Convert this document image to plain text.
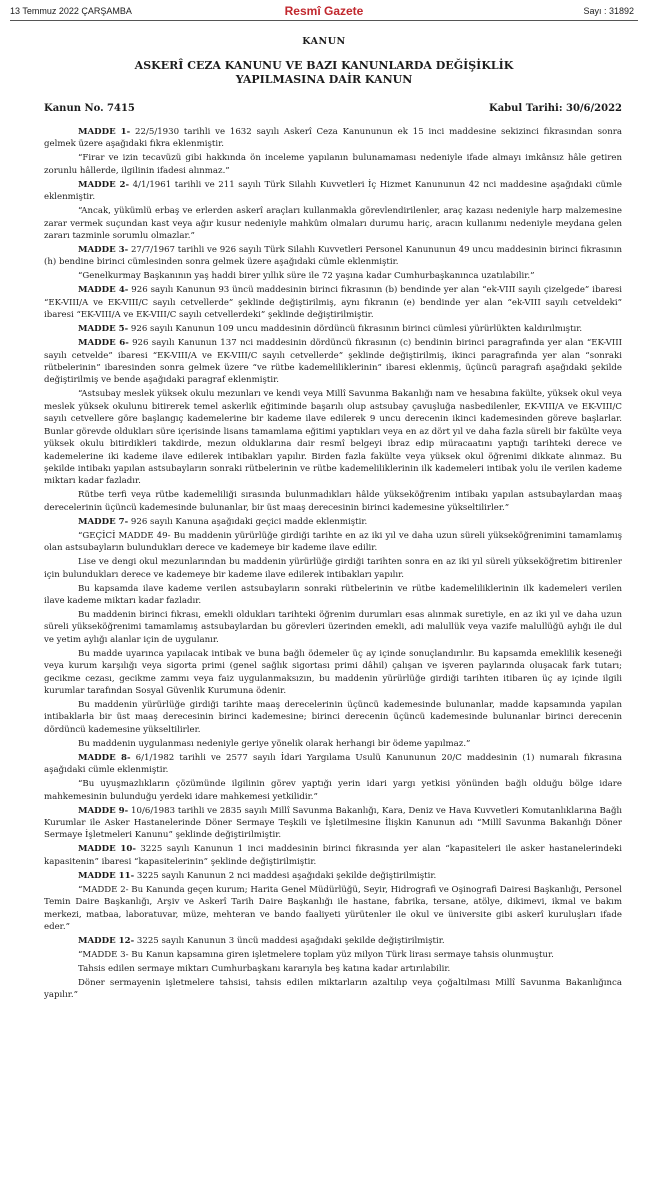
13 Temmuz 2022 ÇARŞAMBA	Resmî Gazete	Sayı : 31892
KANUN
ASKERÎ CEZA KANUNU VE BAZI KANUNLARDA DEĞİŞİKLİK
YAPILMASINA DAİR KANUN
Kanun No. 7415	Kabul Tarihi: 30/6/2022

MADDE 1- 22/5/1930 tarihli ve 1632 sayılı Askerî Ceza Kanununun ek 15 inci maddesine sekizinci fıkrasından sonra gelmek üzere aşağıdaki fıkra eklenmiştir.

“Firar ve izin tecavüzü gibi hakkında ön inceleme yapılanın bulunamaması nedeniyle ifade almayı imkânsız hâle getiren zorunlu hâllerde, ilgilinin ifadesi alınmaz.”

MADDE 2- 4/1/1961 tarihli ve 211 sayılı Türk Silahlı Kuvvetleri İç Hizmet Kanununun 42 nci maddesine aşağıdaki cümle eklenmiştir.

“Ancak, yükümlü erbaş ve erlerden askerî araçları kullanmakla görevlendirilenler, araç kazası nedeniyle harp malzemesine zarar vermek suçundan kast veya ağır kusur nedeniyle mahkûm olmaları durumu hariç, aracın kullanımı nedeniyle meydana gelen zararı tazminle sorumlu olmazlar.”

MADDE 3- 27/7/1967 tarihli ve 926 sayılı Türk Silahlı Kuvvetleri Personel Kanununun 49 uncu maddesinin birinci fıkrasının (h) bendine birinci cümlesinden sonra gelmek üzere aşağıdaki cümle eklenmiştir.

“Genelkurmay Başkanının yaş haddi birer yıllık süre ile 72 yaşına kadar Cumhurbaşkanınca uzatılabilir.”

MADDE 4- 926 sayılı Kanunun 93 üncü maddesinin birinci fıkrasının (b) bendinde yer alan “ek-VIII sayılı çizelgede” ibaresi “EK-VIII/A ve EK-VIII/C sayılı cetvellerde” şeklinde değiştirilmiş, aynı fıkranın (e) bendinde yer alan “ek-VIII sayılı cetveldeki” ibaresi “EK-VIII/A ve EK-VIII/C sayılı cetvellerdeki” şeklinde değiştirilmiştir.

MADDE 5- 926 sayılı Kanunun 109 uncu maddesinin dördüncü fıkrasının birinci cümlesi yürürlükten kaldırılmıştır.

MADDE 6- 926 sayılı Kanunun 137 nci maddesinin dördüncü fıkrasının (c) bendinin birinci paragrafında yer alan “EK-VIII sayılı cetvelde” ibaresi “EK-VIII/A ve EK-VIII/C sayılı cetvellerde” şeklinde değiştirilmiş, ikinci paragrafında yer alan “sonraki rütbelerinin” ibaresinden sonra gelmek üzere “ve rütbe kademeliliklerinin” ibaresi eklenmiş, üçüncü paragrafı aşağıdaki şekilde değiştirilmiş ve bende aşağıdaki paragraf eklenmiştir.

“Astsubay meslek yüksek okulu mezunları ve kendi veya Millî Savunma Bakanlığı nam ve hesabına fakülte, yüksek okul veya meslek yüksek okulunu bitirerek temel askerlik eğitiminde başarılı olup astsubay çavuşluğa nasbedilenler, EK-VIII/A ve EK-VIII/C sayılı cetvellere göre başlangıç kademelerine bir kademe ilave edilerek 9 uncu derecenin ikinci kademesinden göreve başlarlar. Bunlar görevde oldukları süre içerisinde lisans tamamlama eğitimi yaptıkları veya en az dört yıl ve daha fazla süreli bir fakülte veya yüksek okulu bitirdikleri takdirde, mezun olduklarına dair resmî belgeyi ibraz edip müracaatını yaptığı tarihteki derece ve kademelerine iki kademe ilave edilerek intibakları yapılır. Birden fazla fakülte veya yüksek okul öğrenimi dikkate alınmaz. Bu şekilde intibakı yapılan astsubayların sonraki rütbelerinin ve rütbe kademeliliklerinin ilk kademeleri intibak yolu ile verilen kademe miktarı kadar fazladır.

Rütbe terfi veya rütbe kademeliliği sırasında bulunmadıkları hâlde yükseköğrenim intibakı yapılan astsubaylardan maaş derecelerinin üçüncü kademesinde bulunanlar, bir üst maaş derecesinin birinci kademesine yükseltilirler.”

MADDE 7- 926 sayılı Kanuna aşağıdaki geçici madde eklenmiştir.

“GEÇİCİ MADDE 49- Bu maddenin yürürlüğe girdiği tarihte en az iki yıl ve daha uzun süreli yükseköğrenimini tamamlamış olan astsubayların bulundukları derece ve kademeye bir kademe ilave edilir.

Lise ve dengi okul mezunlarından bu maddenin yürürlüğe girdiği tarihten sonra en az iki yıl süreli yükseköğretim bitirenler için bulundukları derece ve kademeye bir kademe ilave edilerek intibakları yapılır.

Bu kapsamda ilave kademe verilen astsubayların sonraki rütbelerinin ve rütbe kademeliliklerinin ilk kademeleri verilen ilave kademe miktarı kadar fazladır.

Bu maddenin birinci fıkrası, emekli oldukları tarihteki öğrenim durumları esas alınmak suretiyle, en az iki yıl ve daha uzun süreli yükseköğrenimi tamamlamış astsubaylardan bu görevleri üzerinden emekli, adi malullük veya vazife malullüğü aylığı ile dul ve yetim aylığı alanlar için de uygulanır.

Bu madde uyarınca yapılacak intibak ve buna bağlı ödemeler üç ay içinde sonuçlandırılır. Bu kapsamda emeklilik keseneği veya kurum karşılığı veya sigorta primi (genel sağlık sigortası primi dâhil) çalışan ve işveren paylarında oluşacak fark tutarı; gecikme cezası, gecikme zammı veya faiz uygulanmaksızın, bu maddenin yürürlüğe girdiği tarihten itibaren üç ay içinde ilgili kurumlar tarafından Sosyal Güvenlik Kurumuna ödenir.

Bu maddenin yürürlüğe girdiği tarihte maaş derecelerinin üçüncü kademesinde bulunanlar, madde kapsamında yapılan intibaklarla bir üst maaş derecesinin birinci kademesine; birinci derecenin üçüncü kademesinde bulunanlar birinci derecenin dördüncü kademesine yükseltilirler.

Bu maddenin uygulanması nedeniyle geriye yönelik olarak herhangi bir ödeme yapılmaz.”

MADDE 8- 6/1/1982 tarihli ve 2577 sayılı İdari Yargılama Usulü Kanununun 20/C maddesinin (1) numaralı fıkrasına aşağıdaki cümle eklenmiştir.

“Bu uyuşmazlıkların çözümünde ilgilinin görev yaptığı yerin idari yargı yetkisi yönünden bağlı olduğu bölge idare mahkemesinin bulunduğu yerdeki idare mahkemesi yetkilidir.”

MADDE 9- 10/6/1983 tarihli ve 2835 sayılı Millî Savunma Bakanlığı, Kara, Deniz ve Hava Kuvvetleri Komutanlıklarına Bağlı Kurumlar ile Asker Hastanelerinde Döner Sermaye Teşkili ve İşletilmesine İlişkin Kanunun adı “Millî Savunma Bakanlığı Döner Sermaye İşletmeleri Kanunu” şeklinde değiştirilmiştir.

MADDE 10- 3225 sayılı Kanunun 1 inci maddesinin birinci fıkrasında yer alan “kapasiteleri ile asker hastanelerindeki kapasitenin” ibaresi “kapasitelerinin” şeklinde değiştirilmiştir.

MADDE 11- 3225 sayılı Kanunun 2 nci maddesi aşağıdaki şekilde değiştirilmiştir.

“MADDE 2- Bu Kanunda geçen kurum; Harita Genel Müdürlüğü, Seyir, Hidrografi ve Oşinografi Dairesi Başkanlığı, Personel Temin Daire Başkanlığı, Arşiv ve Askerî Tarih Daire Başkanlığı ile hastane, fabrika, tersane, atölye, dikimevi, ikmal ve bakım merkezi, matbaa, laboratuvar, müze, mehteran ve bando faaliyeti yürütenler ile okul ve üniversite gibi askerî kuruluşları ifade eder.”

MADDE 12- 3225 sayılı Kanunun 3 üncü maddesi aşağıdaki şekilde değiştirilmiştir.

“MADDE 3- Bu Kanun kapsamına giren işletmelere toplam yüz milyon Türk lirası sermaye tahsis olunmuştur.

Tahsis edilen sermaye miktarı Cumhurbaşkanı kararıyla beş katına kadar artırılabilir.

Döner sermayenin işletmelere tahsisi, tahsis edilen miktarların azaltılıp veya çoğaltılması Millî Savunma Bakanlığınca yapılır.”
